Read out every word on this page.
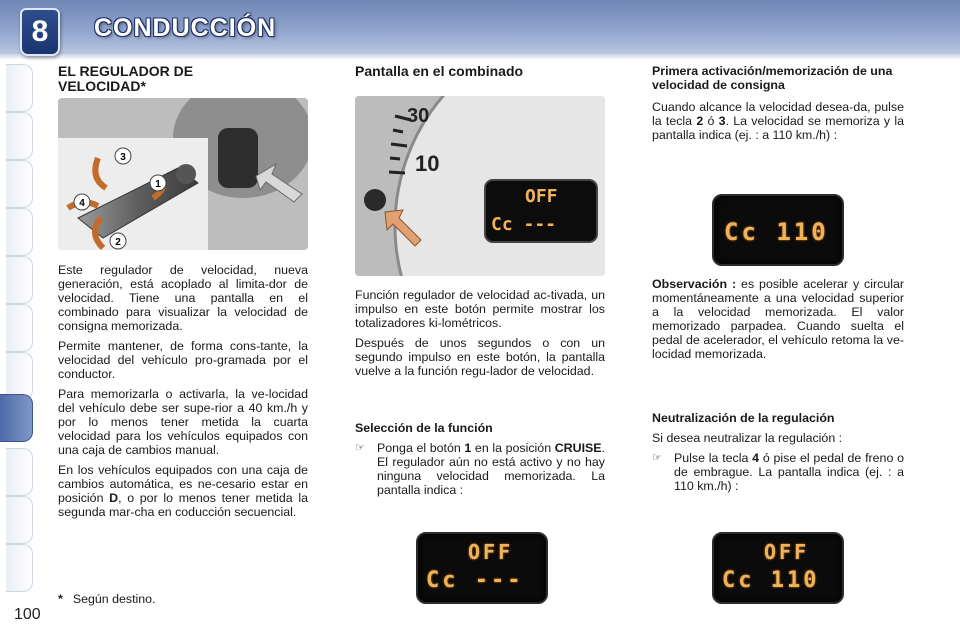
8	CONDUCCIÓN
EL REGULADOR DE
VELOCIDAD*
3
1
4
2

Este regulador de velocidad, nueva generación, está acoplado al limita-dor de velocidad. Tiene una pantalla en el combinado para visualizar la velocidad de consigna memorizada.

Permite mantener, de forma cons-tante, la velocidad del vehículo pro-gramada por el conductor.

Para memorizarla o activarla, la ve-locidad del vehículo debe ser supe-rior a 40 km./h y por lo menos tener metida la cuarta velocidad para los vehículos equipados con una caja de cambios manual.

En los vehículos equipados con una caja de cambios automática, es ne-cesario estar en posición D, o por lo menos tener metida la segunda mar-cha en coducción secuencial.

* Según destino.
100
Pantalla en el combinado
30
10
OFF
Cc ---

Función regulador de velocidad ac-tivada, un impulso en este botón permite mostrar los totalizadores ki-lométricos.

Después de unos segundos o con un segundo impulso en este botón, la pantalla vuelve a la función regu-lador de velocidad.

Selección de la función
☞ Ponga el botón 1 en la posición CRUISE. El regulador aún no está activo y no hay ninguna velocidad memorizada. La pantalla indica :
OFF
Cc ---
Primera activación/memorización de una velocidad de consigna

Cuando alcance la velocidad desea-da, pulse la tecla 2 ó 3. La velocidad se memoriza y la pantalla indica (ej. : a 110 km./h) :

Cc 110

Observación : es posible acelerar y circular momentáneamente a una velocidad superior a la velocidad memorizada. El valor memorizado parpadea. Cuando suelta el pedal de acelerador, el vehículo retoma la ve-locidad memorizada.

Neutralización de la regulación

Si desea neutralizar la regulación :

☞ Pulse la tecla 4 ó pise el pedal de freno o de embrague. La pantalla indica (ej. : a 110 km./h) :
OFF
Cc 110
